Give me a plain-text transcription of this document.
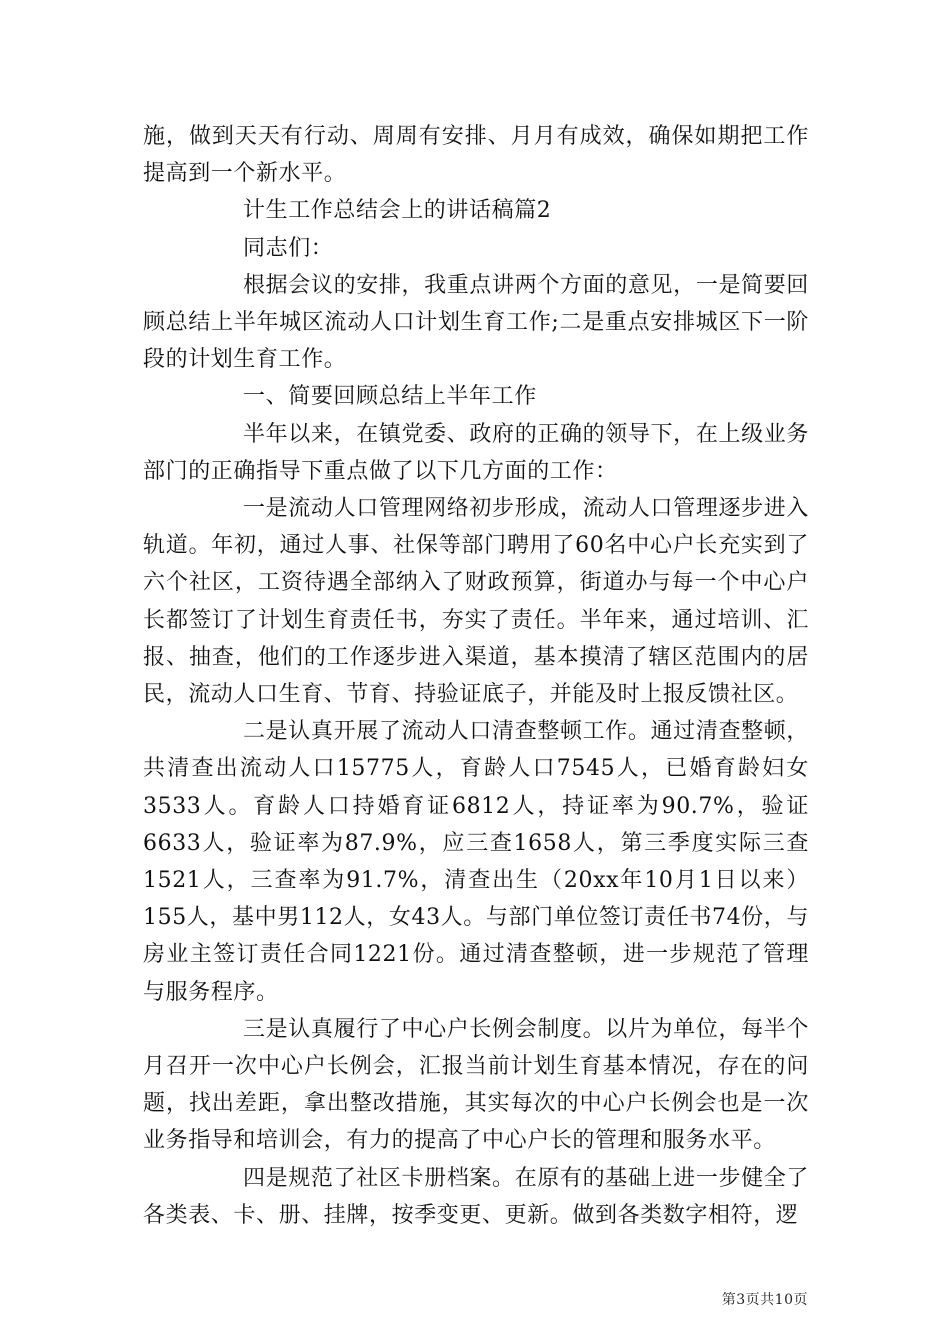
施，做到天天有行动、周周有安排、月月有成效，确保如期把工作提高到一个新水平。

计生工作总结会上的讲话稿篇2

同志们：

根据会议的安排，我重点讲两个方面的意见，一是简要回顾总结上半年城区流动人口计划生育工作;二是重点安排城区下一阶段的计划生育工作。

一、简要回顾总结上半年工作

半年以来，在镇党委、政府的正确的领导下，在上级业务部门的正确指导下重点做了以下几方面的工作：

一是流动人口管理网络初步形成，流动人口管理逐步进入轨道。年初，通过人事、社保等部门聘用了60名中心户长充实到了六个社区，工资待遇全部纳入了财政预算，街道办与每一个中心户长都签订了计划生育责任书，夯实了责任。半年来，通过培训、汇报、抽查，他们的工作逐步进入渠道，基本摸清了辖区范围内的居民，流动人口生育、节育、持验证底子，并能及时上报反馈社区。

二是认真开展了流动人口清查整顿工作。通过清查整顿，共清查出流动人口15775人，育龄人口7545人，已婚育龄妇女3533人。育龄人口持婚育证6812人，持证率为90.7%，验证6633人，验证率为87.9%，应三查1658人，第三季度实际三查1521人，三查率为91.7%，清查出生（20xx年10月1日以来）155人，基中男112人，女43人。与部门单位签订责任书74份，与房业主签订责任合同1221份。通过清查整顿，进一步规范了管理与服务程序。

三是认真履行了中心户长例会制度。以片为单位，每半个月召开一次中心户长例会，汇报当前计划生育基本情况，存在的问题，找出差距，拿出整改措施，其实每次的中心户长例会也是一次业务指导和培训会，有力的提高了中心户长的管理和服务水平。

四是规范了社区卡册档案。在原有的基础上进一步健全了各类表、卡、册、挂牌，按季变更、更新。做到各类数字相符，逻

第3页共10页
